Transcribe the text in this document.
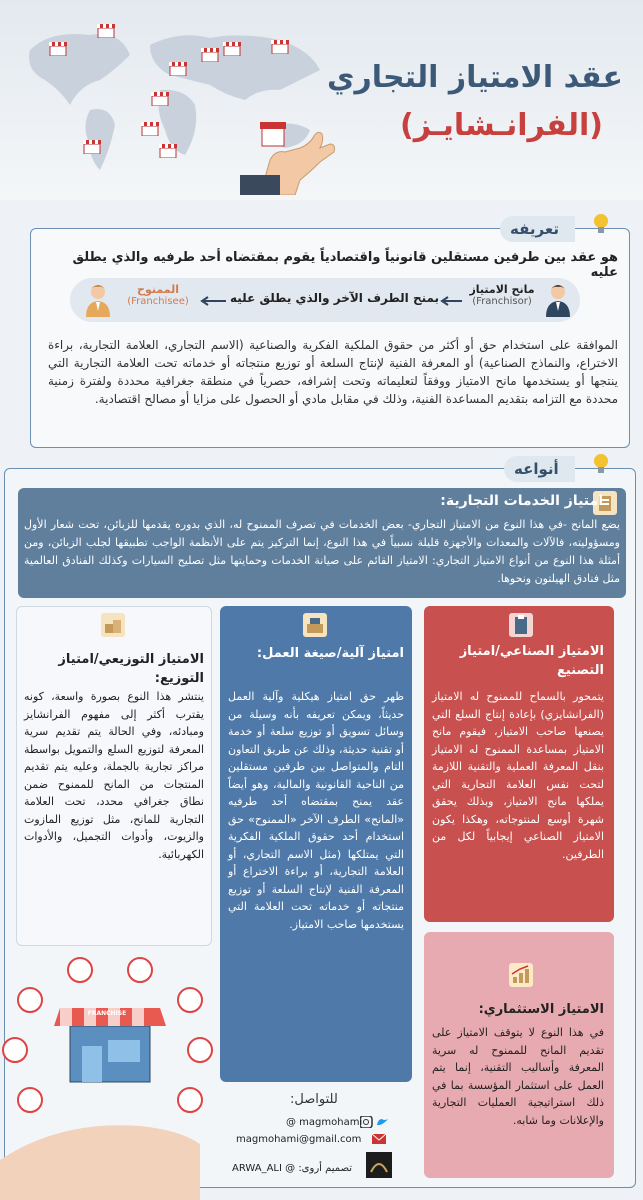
عقد الامتياز التجاري
(الفرانـشايـز)
تعريفه
هو عقد بين طرفين مستقلين قانونياً واقتصادياً يقوم بمقتضاه أحد طرفيه والذي يطلق عليه
مانح الامتياز
(Franchisor)
بمنح الطرف الآخر والذي يطلق عليه
الممنوح
(Franchisee)
الموافقة على استخدام حق أو أكثر من حقوق الملكية الفكرية والصناعية (الاسم التجاري، العلامة التجارية، براءة الاختراع، والنماذج الصناعية) أو المعرفة الفنية لإنتاج السلعة أو توزيع منتجاته أو خدماته تحت العلامة التجارية التي ينتجها أو يستخدمها مانح الامتياز ووفقاً لتعليماته وتحت إشرافه، حصرياً في منطقة جغرافية محددة ولفترة زمنية محددة مع التزامه بتقديم المساعدة الفنية، وذلك في مقابل مادي أو الحصول على مزايا أو مصالح اقتصادية.
أنواعه
امتياز الخدمات التجارية:
يضع المانح -في هذا النوع من الامتياز التجاري- بعض الخدمات في تصرف الممنوح له، الذي بدوره يقدمها للزبائن، تحت شعار الأول ومسؤوليته، فالآلات والمعدات والأجهزة قليلة نسبياً في هذا النوع، إنما التركيز يتم على الأنظمة الواجب تطبيقها لجلب الزبائن، ومن أمثلة هذا النوع من أنواع الامتياز التجاري: الامتياز القائم على صيانة الخدمات وحمايتها مثل تصليح السيارات وكذلك الفنادق العالمية مثل فنادق الهيلتون ونحوها.
الامتياز الصناعي/امتياز التصنيع
يتمحور بالسماح للممنوح له الامتياز (الفرانشايزي) بإعادة إنتاج السلع التي يصنعها صاحب الامتياز، فيقوم مانح الامتياز بمساعدة الممنوح له الامتياز بنقل المعرفة العملية والتقنية اللازمة لتحت نفس العلامة التجارية التي يملكها مانح الامتياز، وبذلك يحقق شهرة أوسع لمنتوجاته، وهكذا يكون الامتياز الصناعي إيجابياً لكل من الطرفين.
امتياز آلية/صيغة العمل:
ظهر حق امتياز هيكلية وآلية العمل حديثاً، ويمكن تعريفه بأنه وسيلة من وسائل تسويق أو توزيع سلعة أو خدمة أو تقنية حديثة، وذلك عن طريق التعاون التام والمتواصل بين طرفين مستقلين من الناحية القانونية والمالية، وهو أيضاً عقد يمنح بمقتضاه أحد طرفيه «المانح» الطرف الآخر «الممنوح» حق استخدام أحد حقوق الملكية الفكرية التي يمتلكها (مثل الاسم التجاري، أو العلامة التجارية، أو براءة الاختراع أو المعرفة الفنية لإنتاج السلعة أو توزيع منتجاته أو خدماته تحت العلامة التي يستخدمها صاحب الامتياز.
الامتياز التوزيعي/امتياز التوزيع:
ينتشر هذا النوع بصورة واسعة، كونه يقترب أكثر إلى مفهوم الفرانشايز ومبادئه، وفي الحالة يتم تقديم سرية المعرفة لتوزيع السلع والتمويل بواسطة مراكز تجارية بالجملة، وعليه يتم تقديم المنتجات من المانح للممنوح ضمن نطاق جغرافي محدد، تحت العلامة التجارية للمانح، مثل توزيع المازوت والزيوت، وأدوات التجميل، والأدوات الكهربائية.
الامتياز الاستثماري:
في هذا النوع لا يتوقف الامتياز على تقديم المانح للممنوح له سرية المعرفة وأساليب التقنية، إنما يتم العمل على استثمار المؤسسة بما في ذلك استراتيجية العمليات التجارية والإعلانات وما شابه.
FRANCHISE
للتواصل:
@ magmohami
magmohami@gmail.com
تصميم أروى: @ ARWA_ALI
